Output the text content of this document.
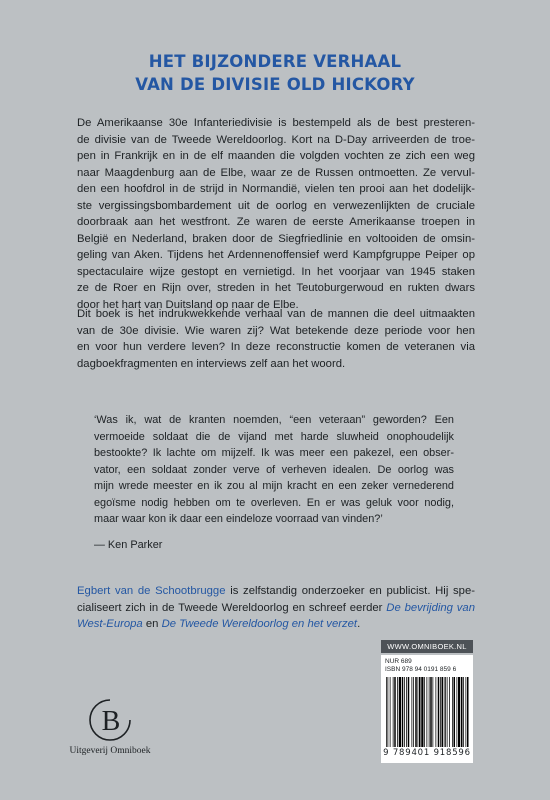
HET BIJZONDERE VERHAAL
VAN DE DIVISIE OLD HICKORY
De Amerikaanse 30e Infanteriedivisie is bestempeld als de best presteren-
de divisie van de Tweede Wereldoorlog. Kort na D-Day arriveerden de troe-
pen in Frankrijk en in de elf maanden die volgden vochten ze zich een weg
naar Maagdenburg aan de Elbe, waar ze de Russen ontmoetten. Ze vervul-
den een hoofdrol in de strijd in Normandië, vielen ten prooi aan het dodelijk-
ste vergissingsbombardement uit de oorlog en verwezenlijkten de cruciale
doorbraak aan het westfront. Ze waren de eerste Amerikaanse troepen in
België en Nederland, braken door de Siegfriedlinie en voltooiden de omsin-
geling van Aken. Tijdens het Ardennenoffensief werd Kampfgruppe Peiper op
spectaculaire wijze gestopt en vernietigd. In het voorjaar van 1945 staken
ze de Roer en Rijn over, streden in het Teutoburgerwoud en rukten dwars
door het hart van Duitsland op naar de Elbe.
Dit boek is het indrukwekkende verhaal van de mannen die deel uitmaakten
van de 30e divisie. Wie waren zij? Wat betekende deze periode voor hen
en voor hun verdere leven? In deze reconstructie komen de veteranen via
dagboekfragmenten en interviews zelf aan het woord.
‘Was ik, wat de kranten noemden, “een veteraan” geworden? Een
vermoeide soldaat die de vijand met harde sluwheid onophoudelijk
bestookte? Ik lachte om mijzelf. Ik was meer een pakezel, een obser-
vator, een soldaat zonder verve of verheven idealen. De oorlog was
mijn wrede meester en ik zou al mijn kracht en een zeker vernederend
egoïsme nodig hebben om te overleven. En er was geluk voor nodig,
maar waar kon ik daar een eindeloze voorraad van vinden?’
— Ken Parker
Egbert van de Schootbrugge is zelfstandig onderzoeker en publicist. Hij spe-
cialiseert zich in de Tweede Wereldoorlog en schreef eerder De bevrijding van
West-Europa en De Tweede Wereldoorlog en het verzet.
WWW.OMNIBOEK.NL
NUR 689
ISBN 978 94 0191 859 6
9 789401 918596
B
Uitgeverij Omniboek
